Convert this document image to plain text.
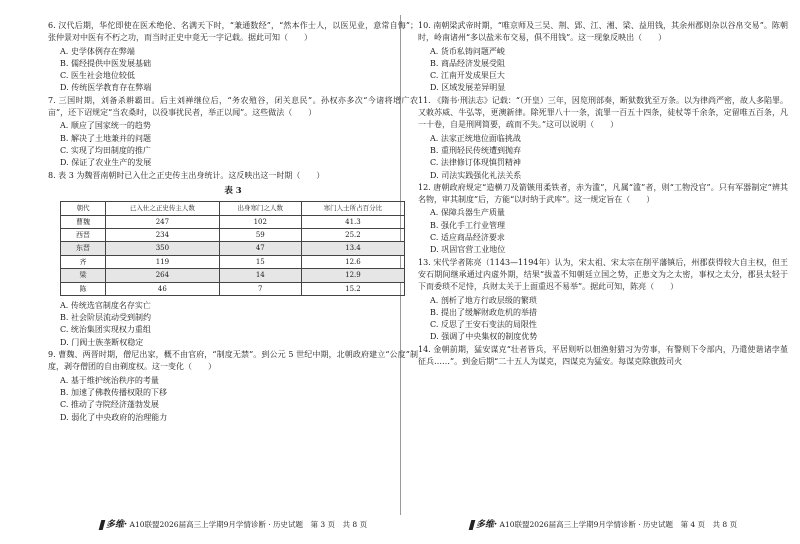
6. 汉代后期，华佗即使在医术绝伦、名满天下时，“兼通数经”，“然本作士人，以医见业，意常自悔”；张仲景对中医有不朽之功，而当时正史中竟无一字记载。据此可知（　　）

A. 史学体例存在弊端

B. 儒经提供中医发展基础

C. 医生社会地位较低

D. 传统医学教育存在弊端

7. 三国时期，刘备杀耕霸田。后主刘禅继位后，“务农殖谷，闭关息民”。孙权亦多次“今诸将增广农亩”，还下诏规定“当农桑时，以役事扰民者，举正以闻”。这些做法（　　）

A. 顺应了国家统一的趋势

B. 解决了土地兼并的问题

C. 实现了均田制度的推广

D. 保证了农业生产的发展

8. 表 3 为魏晋南朝时已入仕之正史传主出身统计。这反映出这一时期（　　）

表 3
朝代	已入仕之正史传主人数	出身寒门之人数	寒门人士所占百分比
曹魏	247	102	41.3
西晋	234	59	25.2
东晋	350	47	13.4
齐	119	15	12.6
梁	264	14	12.9
陈	46	7	15.2

A. 传统选官制度名存实亡

B. 社会阶层流动受到制约

C. 统治集团实现权力重组

D. 门阀士族垄断权稳定

9. 曹魏、两晋时期，僧尼出家，概不由官府，“制度无禁”。到公元 5 世纪中期，北朝政府建立“公度”制度，剥夺僧团的自由剃度权。这一变化（　　）

A. 基于维护统治秩序的考量

B. 加速了佛教传播权限的下移

C. 推动了寺院经济蓬勃发展

D. 弱化了中央政府的治理能力

多维· A10联盟2026届高三上学期9月学情诊断 · 历史试题　第 3 页　共 8 页

10. 南朝梁武帝时期，“唯京师及三吴、荆、郢、江、湘、梁、益用钱，其余州郡则杂以谷帛交易”。陈朝时，岭南诸州“多以盐米布交易，俱不用钱”。这一现象反映出（　　）

A. 货币私铸问题严峻

B. 商品经济发展受阻

C. 江南开发成果巨大

D. 区域发展差异明显

11. 《隋书·刑法志》记载：“（开皇）三年，因览刑部奏，断狱数犹至万条。以为律尚严密，故人多陷罪。又敕苏威、牛弘等，更澳新律。除死罪八十一条，流罪一百五十四条，徒杖等千余条，定留唯五百条，凡一十卷，自是刑网简要，疏而不失。”这可以说明（　　）

A. 法家正统地位面临挑战

B. 重刑轻民传统遭到抛弃

C. 法律修订体现慎罚精神

D. 司法实践强化礼法关系

12. 唐朝政府规定“造横刀及箭镞用柔铁者，赤为滥”，凡属“滥”者，则“工物没官”。只有军器制定“辨其名物，审其制度”后，方能“以时纳于武库”。这一规定旨在（　　）

A. 保障兵器生产质量

B. 强化手工行业管理

C. 适应商品经济要求

D. 巩固官营工业地位

13. 宋代学者陈亮（1143—1194年）认为，宋太祖、宋太宗在削平藩镇后，州郡获得较大自主权，但王安石期间继承通过内虚外期，结果“拔盖不知朝廷立国之势，正患文为之太密，事权之太分，郡县太轻于下而委琐不足恃，兵财太关于上面重迟不易举”。据此可知，陈亮（　　）

A. 剖析了地方行政层级的繁琐

B. 提出了缓解财政危机的举措

C. 反思了王安石变法的局限性

D. 强调了中央集权的制度优势

14. 金朝前期，猛安谋克“壮者皆兵，平居则听以佃渔射猎习为劳事，有警则下令部内，乃遣使谐诸孛堇征兵……”。到金后期“二十五人为谋克，四谋克为猛安。每谋克除旗鼓司火

多维· A10联盟2026届高三上学期9月学情诊断 · 历史试题　第 4 页　共 8 页
